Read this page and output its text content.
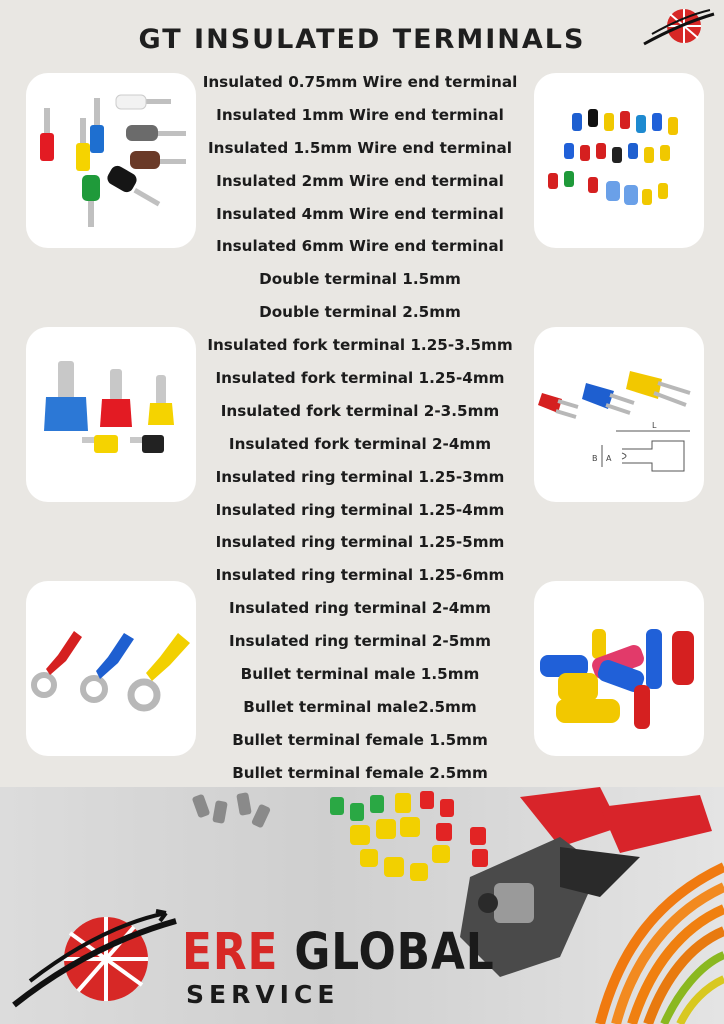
GT INSULATED TERMINALS
Insulated 0.75mm Wire end terminal
Insulated 1mm Wire end terminal
Insulated 1.5mm Wire end terminal
Insulated 2mm Wire end terminal
Insulated 4mm Wire end terminal
Insulated 6mm Wire end terminal
Double terminal 1.5mm
Double terminal 2.5mm
Insulated fork terminal 1.25-3.5mm
Insulated fork terminal 1.25-4mm
Insulated fork terminal 2-3.5mm
Insulated fork terminal 2-4mm
Insulated ring terminal 1.25-3mm
Insulated ring terminal 1.25-4mm
Insulated ring terminal 1.25-5mm
Insulated ring terminal 1.25-6mm
Insulated ring terminal 2-4mm
Insulated ring terminal 2-5mm
Bullet terminal male 1.5mm
Bullet terminal male2.5mm
Bullet terminal female 1.5mm
Bullet terminal female 2.5mm
L
B A
ERE GLOBAL
SERVICE
